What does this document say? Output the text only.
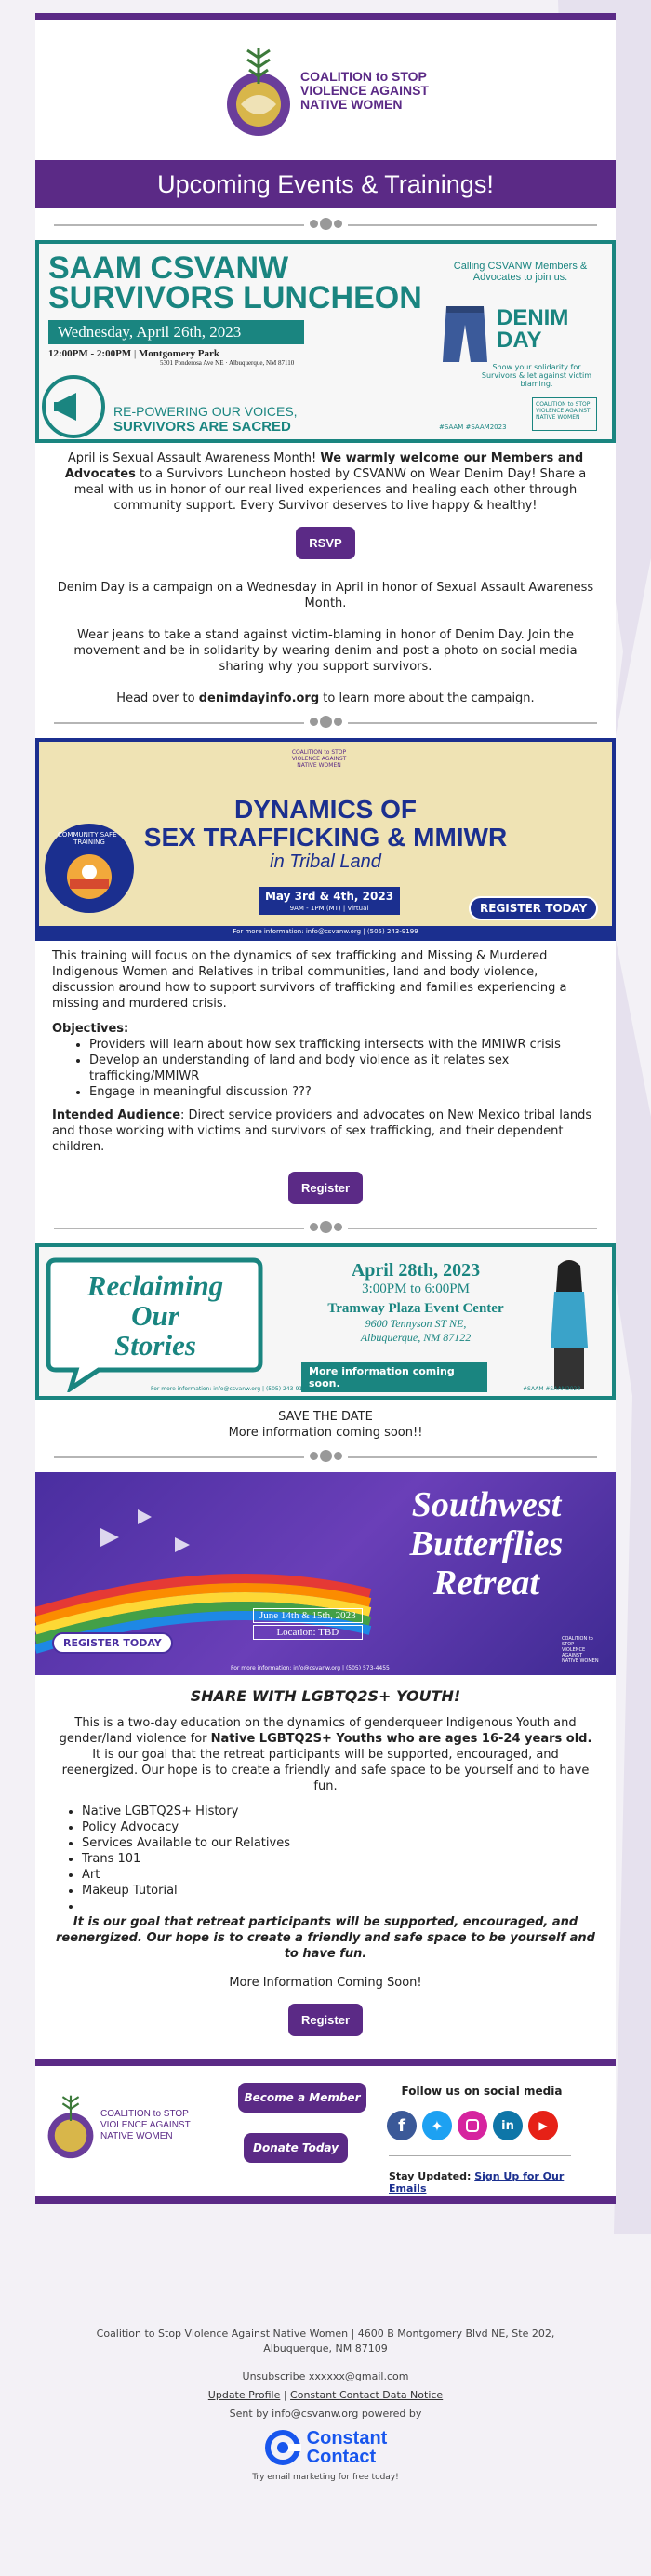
COALITION to STOP
VIOLENCE AGAINST
NATIVE WOMEN
Upcoming Events & Trainings!
SAAM CSVANW
SURVIVORS LUNCHEON
Wednesday, April 26th, 2023
12:00PM - 2:00PM | Montgomery Park
5301 Ponderosa Ave NE · Albuquerque, NM 87110
RE-POWERING OUR VOICES,
SURVIVORS ARE SACRED
Calling CSVANW Members & Advocates to join us.
DENIM
DAY
Show your solidarity for Survivors & let against victim blaming.
#SAAM #SAAM2023
COALITION to STOP
VIOLENCE AGAINST
NATIVE WOMEN
April is Sexual Assault Awareness Month! We warmly welcome our Members and Advocates to a Survivors Luncheon hosted by CSVANW on Wear Denim Day! Share a meal with us in honor of our real lived experiences and healing each other through community support. Every Survivor deserves to live happy & healthy!
RSVP
Denim Day is a campaign on a Wednesday in April in honor of Sexual Assault Awareness Month.
Wear jeans to take a stand against victim-blaming in honor of Denim Day. Join the movement and be in solidarity by wearing denim and post a photo on social media sharing why you support survivors.
Head over to denimdayinfo.org to learn more about the campaign.
COALITION to STOP
VIOLENCE AGAINST
NATIVE WOMEN
DYNAMICS OF
SEX TRAFFICKING & MMIWR
in Tribal Land
COMMUNITY SAFE · TRAINING
May 3rd & 4th, 2023
9AM - 1PM (MT) | Virtual	REGISTER TODAY
For more information: info@csvanw.org | (505) 243-9199
This training will focus on the dynamics of sex trafficking and Missing & Murdered Indigenous Women and Relatives in tribal communities, land and body violence, discussion around how to support survivors of trafficking and families experiencing a missing and murdered crisis.
Objectives:
• Providers will learn about how sex trafficking intersects with the MMIWR crisis
• Develop an understanding of land and body violence as it relates sex trafficking/MMIWR
• Engage in meaningful discussion ???
Intended Audience: Direct service providers and advocates on New Mexico tribal lands and those working with victims and survivors of sex trafficking, and their dependent children.
Register
Reclaiming
Our
Stories
April 28th, 2023
3:00PM to 6:00PM
Tramway Plaza Event Center
9600 Tennyson ST NE,
Albuquerque, NM 87122
More information coming soon.
For more information: info@csvanw.org | (505) 243-9199	#SAAM #SAAM2023
SAVE THE DATE
More information coming soon!!
Southwest
Butterflies
Retreat
June 14th & 15th, 2023
Location: TBD
REGISTER TODAY
For more information: info@csvanw.org | (505) 573-4455
COALITION to STOP
VIOLENCE AGAINST
NATIVE WOMEN
SHARE WITH LGBTQ2S+ YOUTH!
This is a two-day education on the dynamics of genderqueer Indigenous Youth and gender/land violence for Native LGBTQ2S+ Youths who are ages 16-24 years old. It is our goal that the retreat participants will be supported, encouraged, and reenergized. Our hope is to create a friendly and safe space to be yourself and to have fun.
• Native LGBTQ2S+ History
• Policy Advocacy
• Services Available to our Relatives
• Trans 101
• Art
• Makeup Tutorial
•
It is our goal that retreat participants will be supported, encouraged, and reenergized. Our hope is to create a friendly and safe space to be yourself and to have fun.
More Information Coming Soon!
Register
COALITION to STOP
VIOLENCE AGAINST
NATIVE WOMEN
Become a Member
Donate Today
Follow us on social media
f	✦	in	▶
Stay Updated: Sign Up for Our Emails
Coalition to Stop Violence Against Native Women | 4600 B Montgomery Blvd NE, Ste 202, Albuquerque, NM 87109
Unsubscribe xxxxxx@gmail.com
Update Profile | Constant Contact Data Notice
Sent by info@csvanw.org powered by
Constant
Contact
Try email marketing for free today!
